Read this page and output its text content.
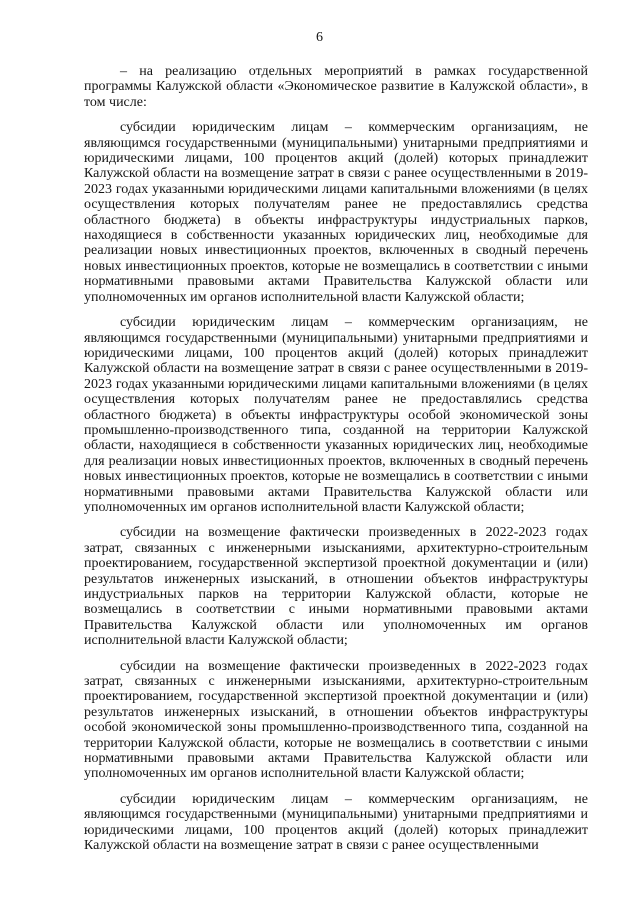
6

– на реализацию отдельных мероприятий в рамках государственной программы Калужской области «Экономическое развитие в Калужской области», в том числе:

субсидии юридическим лицам – коммерческим организациям, не являющимся государственными (муниципальными) унитарными предприятиями и юридическими лицами, 100 процентов акций (долей) которых принадлежит Калужской области на возмещение затрат в связи с ранее осуществленными в 2019-2023 годах указанными юридическими лицами капитальными вложениями (в целях осуществления которых получателям ранее не предоставлялись средства областного бюджета) в объекты инфраструктуры индустриальных парков, находящиеся в собственности указанных юридических лиц, необходимые для реализации новых инвестиционных проектов, включенных в сводный перечень новых инвестиционных проектов, которые не возмещались в соответствии с иными нормативными правовыми актами Правительства Калужской области или уполномоченных им органов исполнительной власти Калужской области;

субсидии юридическим лицам – коммерческим организациям, не являющимся государственными (муниципальными) унитарными предприятиями и юридическими лицами, 100 процентов акций (долей) которых принадлежит Калужской области на возмещение затрат в связи с ранее осуществленными в 2019-2023 годах указанными юридическими лицами капитальными вложениями (в целях осуществления которых получателям ранее не предоставлялись средства областного бюджета) в объекты инфраструктуры особой экономической зоны промышленно-производственного типа, созданной на территории Калужской области, находящиеся в собственности указанных юридических лиц, необходимые для реализации новых инвестиционных проектов, включенных в сводный перечень новых инвестиционных проектов, которые не возмещались в соответствии с иными нормативными правовыми актами Правительства Калужской области или уполномоченных им органов исполнительной власти Калужской области;

субсидии на возмещение фактически произведенных в 2022-2023 годах затрат, связанных с инженерными изысканиями, архитектурно-строительным проектированием, государственной экспертизой проектной документации и (или) результатов инженерных изысканий, в отношении объектов инфраструктуры индустриальных парков на территории Калужской области, которые не возмещались в соответствии с иными нормативными правовыми актами Правительства Калужской области или уполномоченных им органов исполнительной власти Калужской области;

субсидии на возмещение фактически произведенных в 2022-2023 годах затрат, связанных с инженерными изысканиями, архитектурно-строительным проектированием, государственной экспертизой проектной документации и (или) результатов инженерных изысканий, в отношении объектов инфраструктуры особой экономической зоны промышленно-производственного типа, созданной на территории Калужской области, которые не возмещались в соответствии с иными нормативными правовыми актами Правительства Калужской области или уполномоченных им органов исполнительной власти Калужской области;

субсидии юридическим лицам – коммерческим организациям, не являющимся государственными (муниципальными) унитарными предприятиями и юридическими лицами, 100 процентов акций (долей) которых принадлежит Калужской области на возмещение затрат в связи с ранее осуществленными
